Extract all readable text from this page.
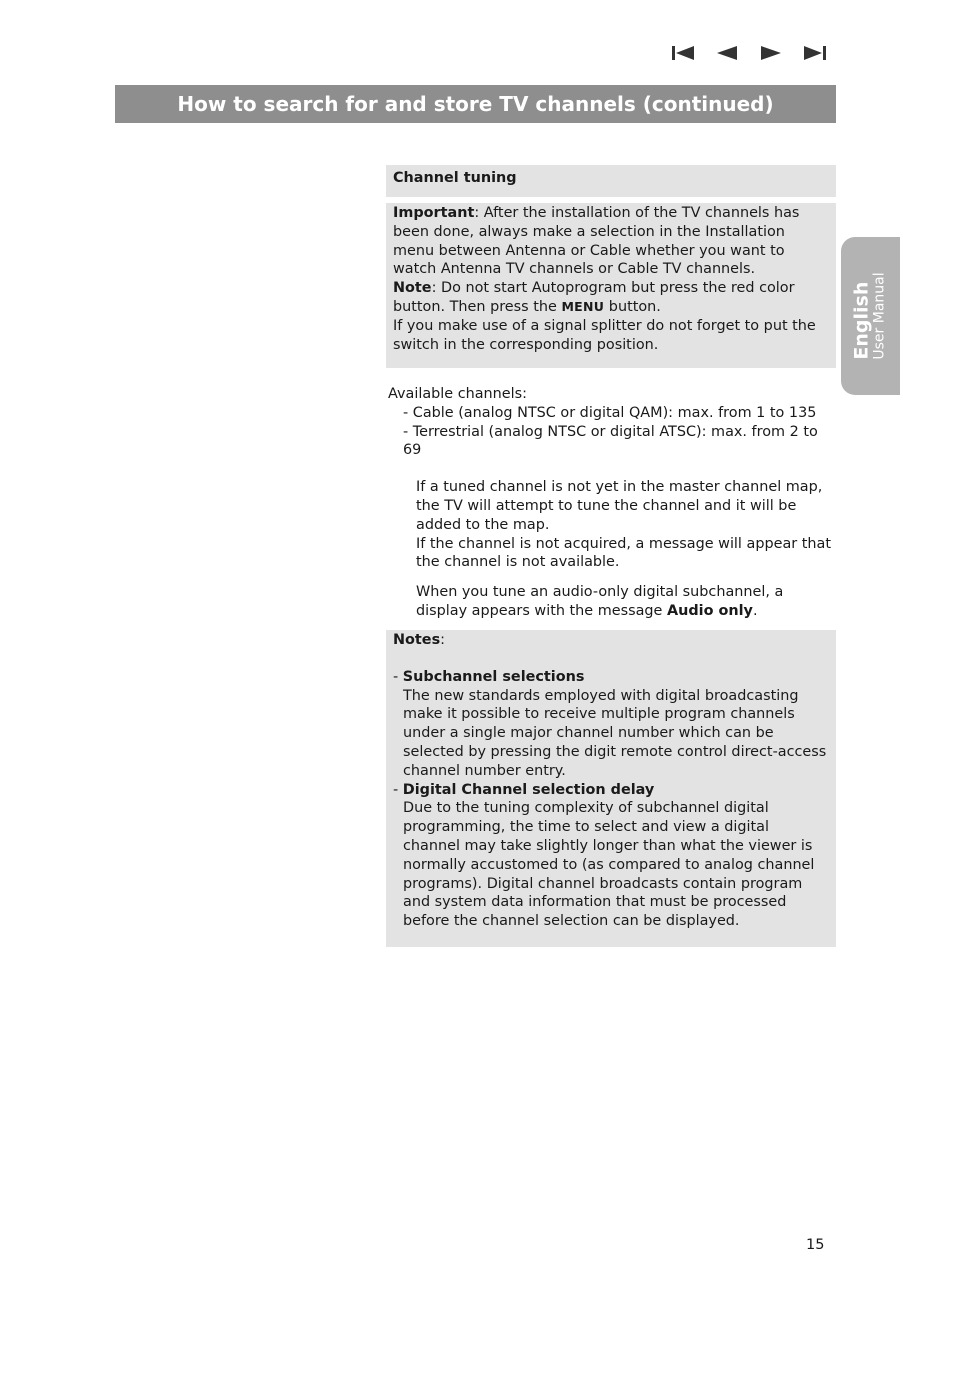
How to search for and store TV channels (continued)
English User Manual
Channel tuning
Important: After the installation of the TV channels has been done, always make a selection in the Installation menu between Antenna or Cable whether you want to watch Antenna TV channels or Cable TV channels.
Note: Do not start Autoprogram but press the red color button. Then press the MENU button.
If you make use of a signal splitter do not forget to put the switch in the corresponding position.
Available channels:
- Cable (analog NTSC or digital QAM): max. from 1 to 135
- Terrestrial (analog NTSC or digital ATSC): max. from 2 to 69
If a tuned channel is not yet in the master channel map, the TV will attempt to tune the channel and it will be added to the map.
If the channel is not acquired, a message will appear that the channel is not available.
When you tune an audio-only digital subchannel, a display appears with the message Audio only.
Notes:
- Subchannel selections
The new standards employed with digital broadcasting make it possible to receive multiple program channels under a single major channel number which can be selected by pressing the digit remote control direct-access channel number entry.
- Digital Channel selection delay
Due to the tuning complexity of subchannel digital programming, the time to select and view a digital channel may take slightly longer than what the viewer is normally accustomed to (as compared to analog channel programs). Digital channel broadcasts contain program and system data information that must be processed before the channel selection can be displayed.
15
